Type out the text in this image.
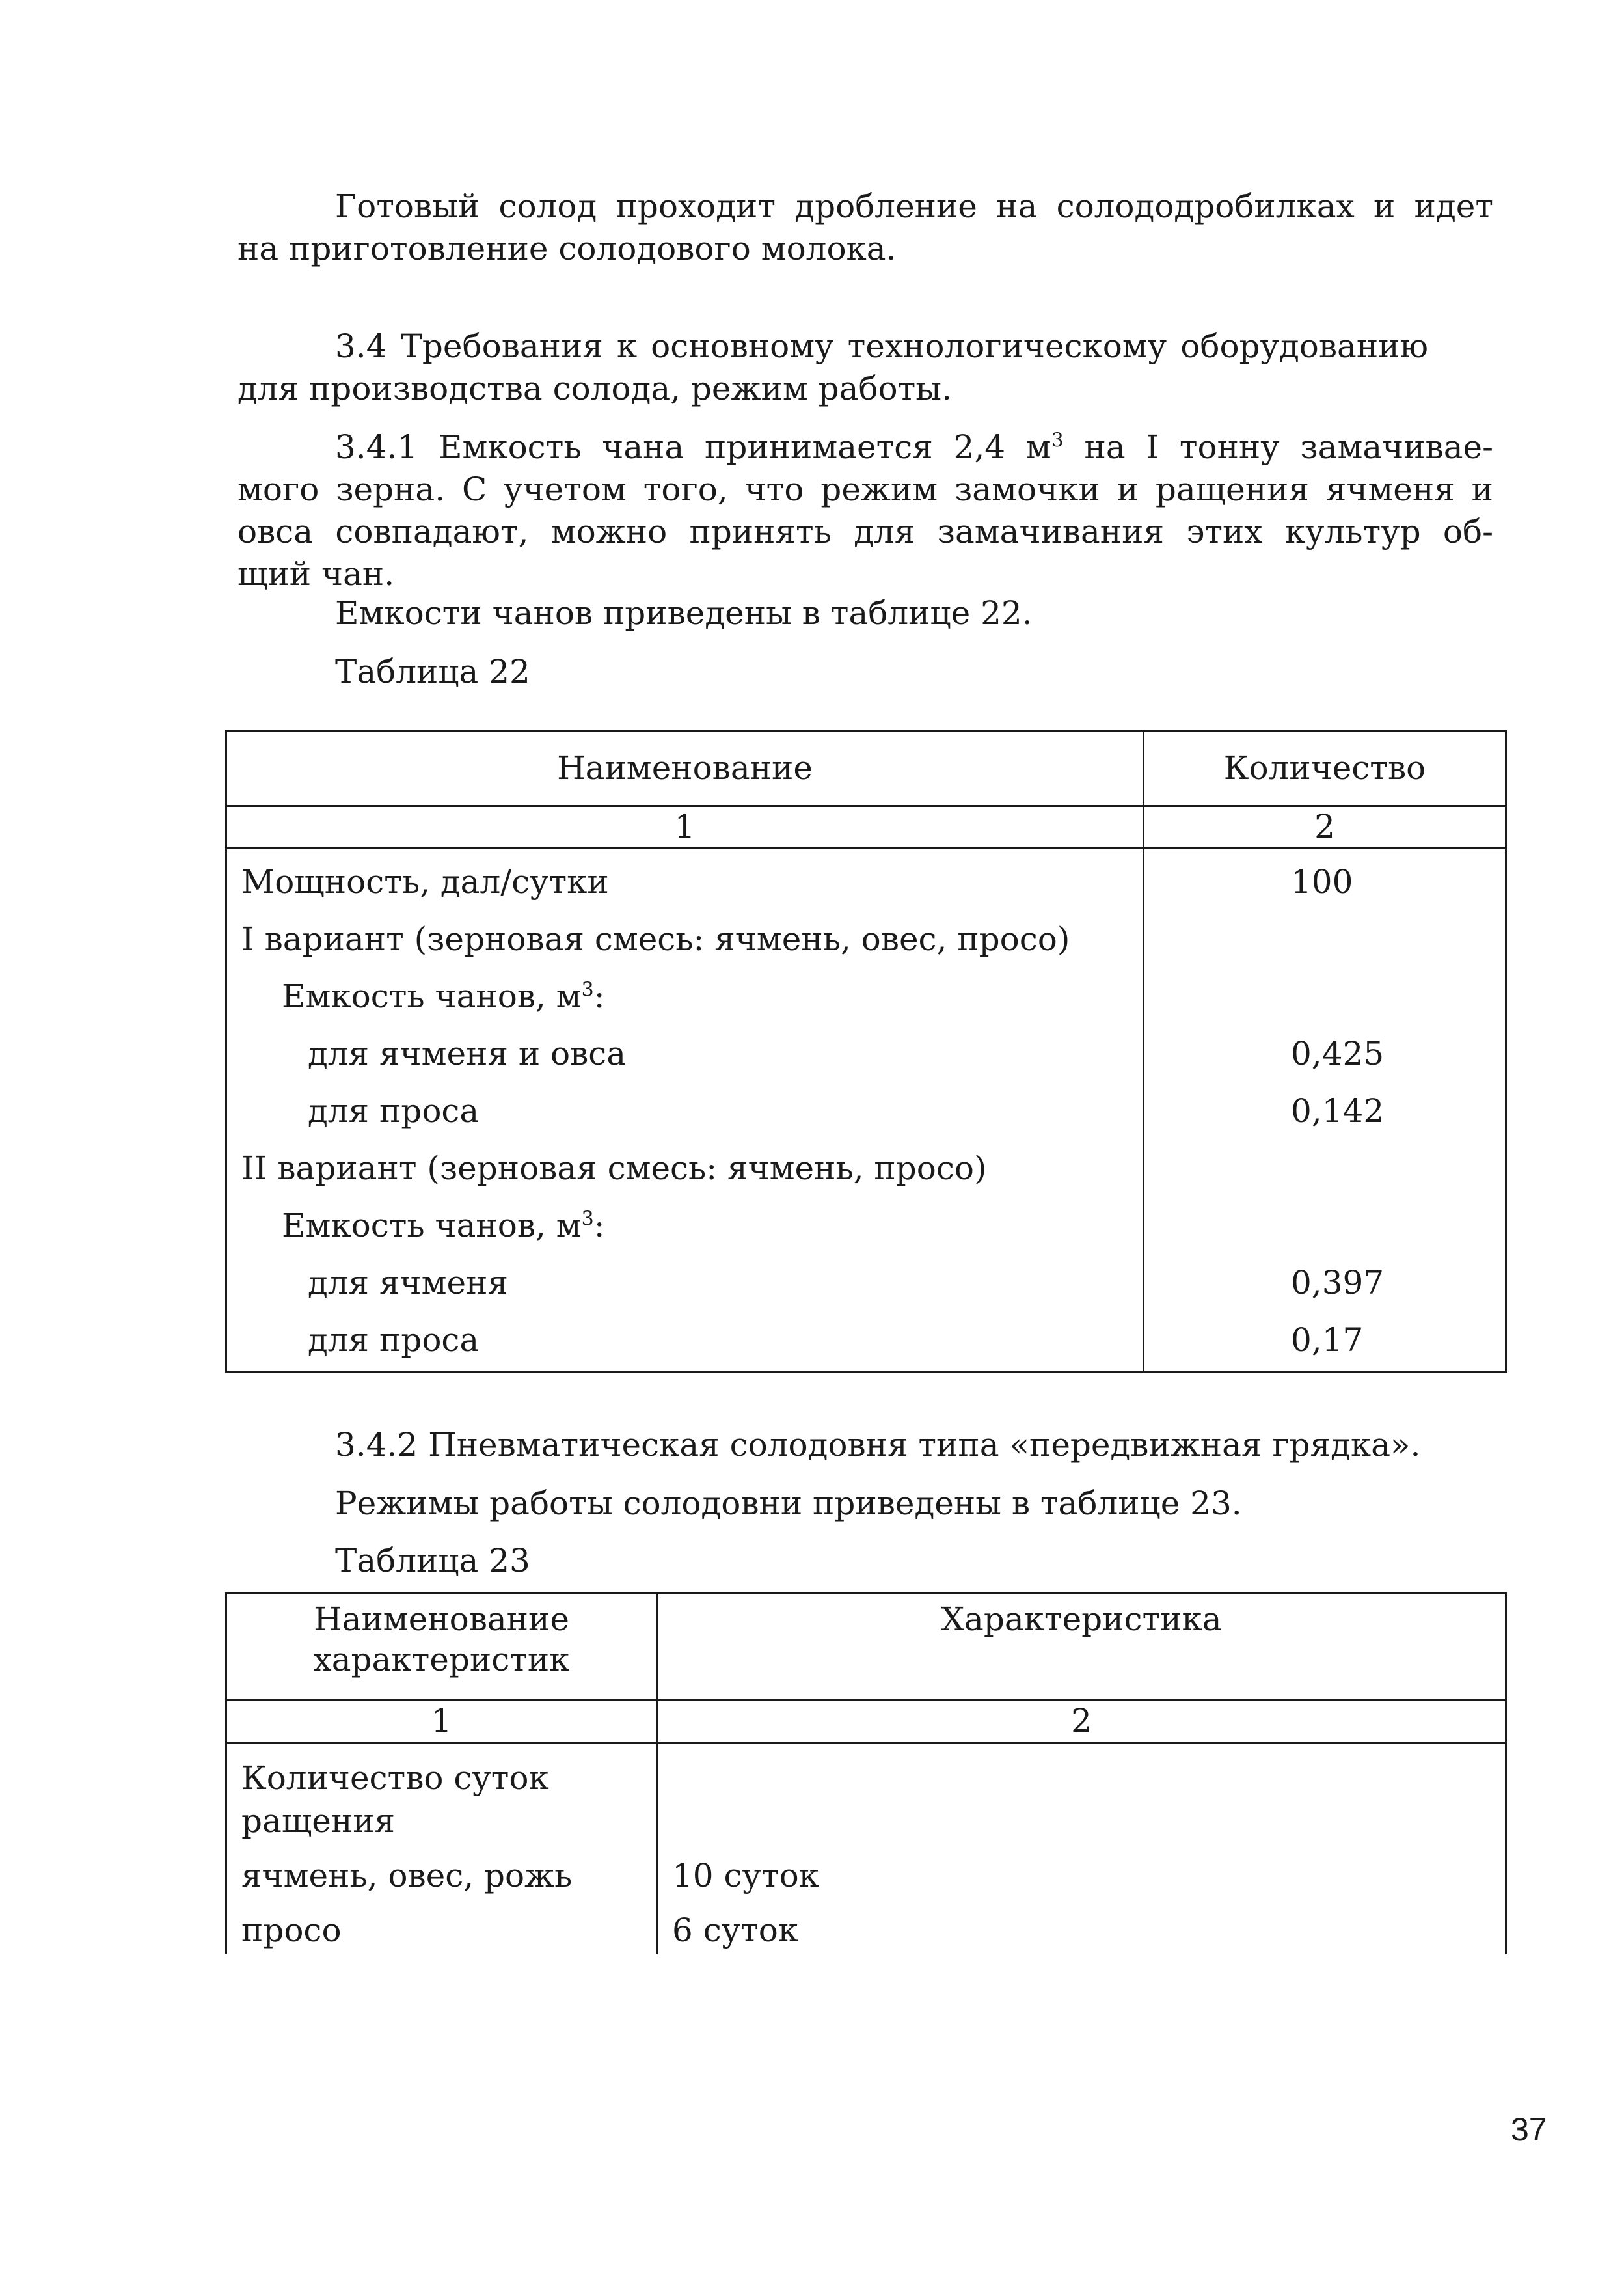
Готовый солод проходит дробление на солододробилках и идет

на приготовление солодового молока.

3.4 Требования к основному технологическому оборудованию

для производства солода, режим работы.

3.4.1 Емкость чана принимается 2,4 $м^3$ на I тонну замачивае-

мого зерна. С учетом того, что режим замочки и ращения ячменя и

овса совпадают, можно принять для замачивания этих культур об-

щий чан.

Емкости чанов приведены в таблице 22.

Таблица 22

Наименование	Количество
1	2
Мощность, дал/сутки	100
I вариант (зерновая смесь: ячмень, овес, просо)	
Емкость чанов, $м^3$:	
для ячменя и овса	0,425
для проса	0,142
II вариант (зерновая смесь: ячмень, просо)	
Емкость чанов, $м^3$:	
для ячменя	0,397
для проса	0,17

3.4.2 Пневматическая солодовня типа «передвижная грядка».

Режимы работы солодовни приведены в таблице 23.

Таблица 23

Наименование характеристик	Характеристика
1	2
Количество суток ращения	
ячмень, овес, рожь	10 суток
просо	6 суток
37
